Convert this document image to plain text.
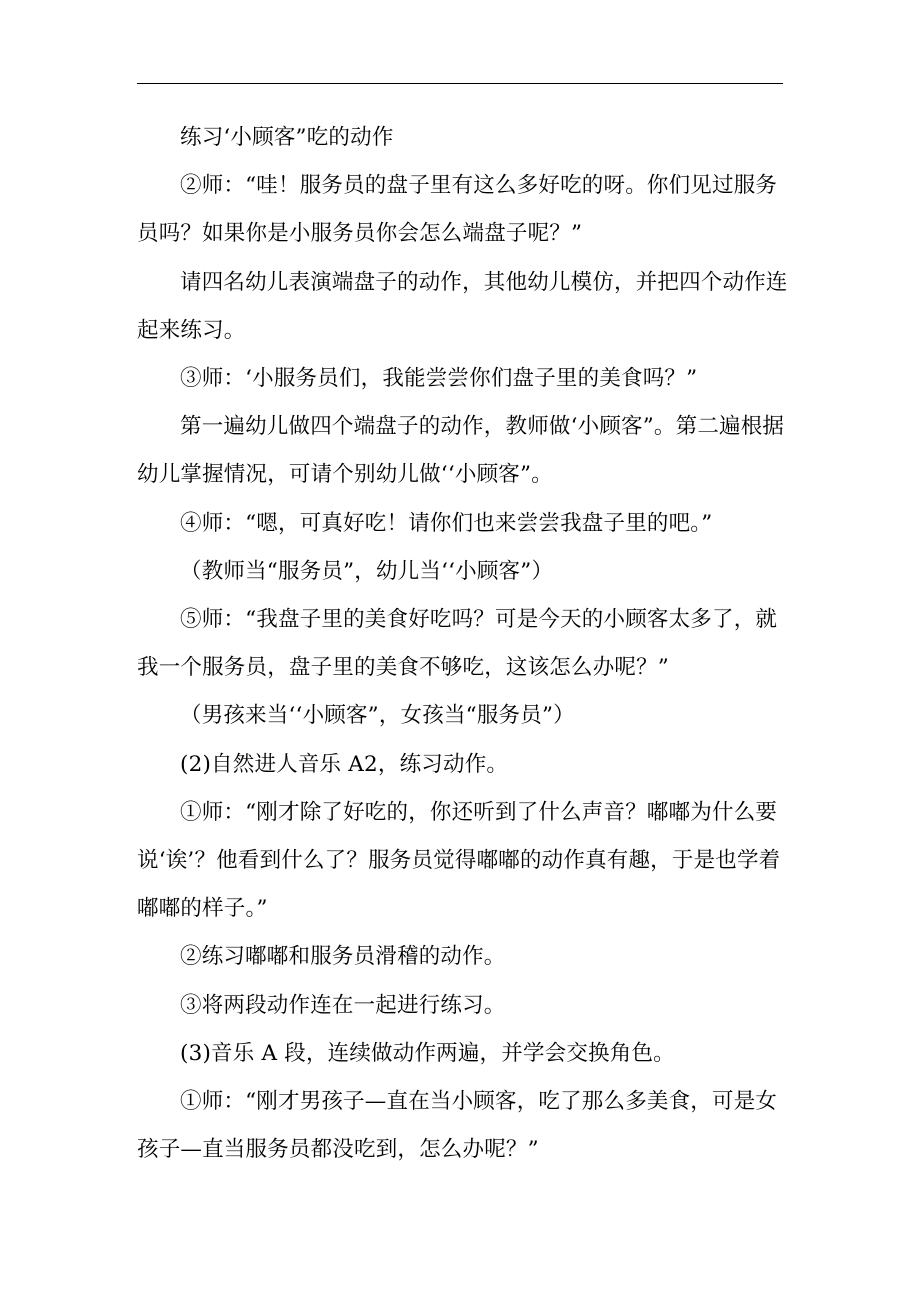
练习‘小顾客”吃的动作

②师：“哇！服务员的盘子里有这么多好吃的呀。你们见过服务员吗？如果你是小服务员你会怎么端盘子呢？”

请四名幼儿表演端盘子的动作，其他幼儿模仿，并把四个动作连起来练习。

③师：‘小服务员们，我能尝尝你们盘子里的美食吗？”

第一遍幼儿做四个端盘子的动作，教师做‘小顾客”。第二遍根据幼儿掌握情况，可请个别幼儿做‘‘小顾客”。

④师：“嗯，可真好吃！请你们也来尝尝我盘子里的吧。”

（教师当“服务员”，幼儿当‘‘小顾客”）

⑤师：“我盘子里的美食好吃吗？可是今天的小顾客太多了，就我一个服务员，盘子里的美食不够吃，这该怎么办呢？”

（男孩来当‘‘小顾客”，女孩当“服务员”）

(2)自然进人音乐 A2，练习动作。

①师：“刚才除了好吃的，你还听到了什么声音？嘟嘟为什么要说‘诶’？他看到什么了？服务员觉得嘟嘟的动作真有趣，于是也学着嘟嘟的样子。”

②练习嘟嘟和服务员滑稽的动作。

③将两段动作连在一起进行练习。

(3)音乐 A 段，连续做动作两遍，并学会交换角色。

①师：“刚才男孩子—直在当小顾客，吃了那么多美食，可是女孩子—直当服务员都没吃到，怎么办呢？”
